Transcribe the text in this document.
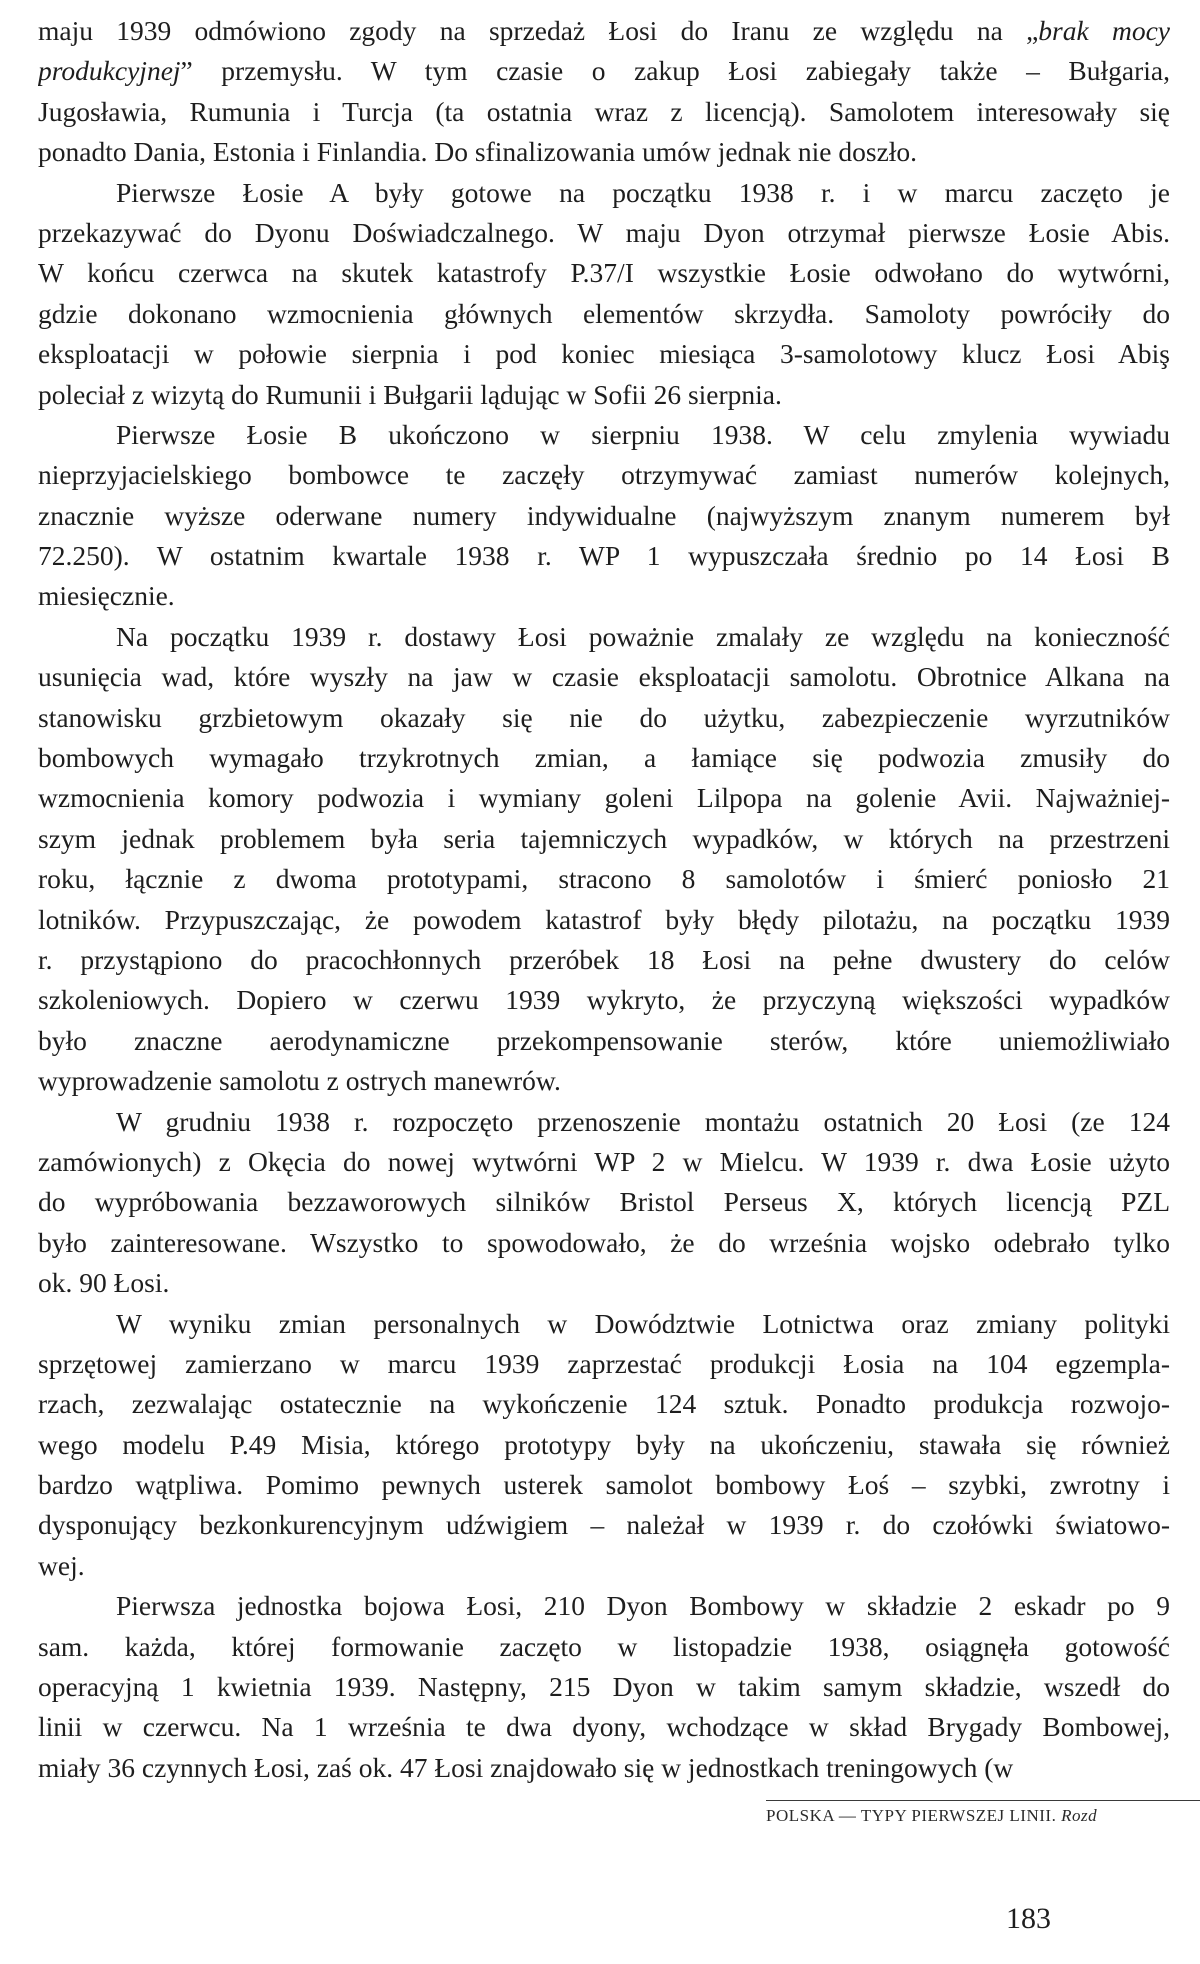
maju 1939 odmówiono zgody na sprzedaż Łosi do Iranu ze względu na „brak mocy
produkcyjnej” przemysłu. W tym czasie o zakup Łosi zabiegały także – Bułgaria,
Jugosławia, Rumunia i Turcja (ta ostatnia wraz z licencją). Samolotem interesowały się
ponadto Dania, Estonia i Finlandia. Do sfinalizowania umów jednak nie doszło.
Pierwsze Łosie A były gotowe na początku 1938 r. i w marcu zaczęto je
przekazywać do Dyonu Doświadczalnego. W maju Dyon otrzymał pierwsze Łosie Abis.
W końcu czerwca na skutek katastrofy P.37/I wszystkie Łosie odwołano do wytwórni,
gdzie dokonano wzmocnienia głównych elementów skrzydła. Samoloty powróciły do
eksploatacji w połowie sierpnia i pod koniec miesiąca 3-samolotowy klucz Łosi Abiş
poleciał z wizytą do Rumunii i Bułgarii lądując w Sofii 26 sierpnia.
Pierwsze Łosie B ukończono w sierpniu 1938. W celu zmylenia wywiadu
nieprzyjacielskiego bombowce te zaczęły otrzymywać zamiast numerów kolejnych,
znacznie wyższe oderwane numery indywidualne (najwyższym znanym numerem był
72.250). W ostatnim kwartale 1938 r. WP 1 wypuszczała średnio po 14 Łosi B
miesięcznie.
Na początku 1939 r. dostawy Łosi poważnie zmalały ze względu na konieczność
usunięcia wad, które wyszły na jaw w czasie eksploatacji samolotu. Obrotnice Alkana na
stanowisku grzbietowym okazały się nie do użytku, zabezpieczenie wyrzutników
bombowych wymagało trzykrotnych zmian, a łamiące się podwozia zmusiły do
wzmocnienia komory podwozia i wymiany goleni Lilpopa na golenie Avii. Najważniej-
szym jednak problemem była seria tajemniczych wypadków, w których na przestrzeni
roku, łącznie z dwoma prototypami, stracono 8 samolotów i śmierć poniosło 21
lotników. Przypuszczając, że powodem katastrof były błędy pilotażu, na początku 1939
r. przystąpiono do pracochłonnych przeróbek 18 Łosi na pełne dwustery do celów
szkoleniowych. Dopiero w czerwu 1939 wykryto, że przyczyną większości wypadków
było znaczne aerodynamiczne przekompensowanie sterów, które uniemożliwiało
wyprowadzenie samolotu z ostrych manewrów.
W grudniu 1938 r. rozpoczęto przenoszenie montażu ostatnich 20 Łosi (ze 124
zamówionych) z Okęcia do nowej wytwórni WP 2 w Mielcu. W 1939 r. dwa Łosie użyto
do wypróbowania bezzaworowych silników Bristol Perseus X, których licencją PZL
było zainteresowane. Wszystko to spowodowało, że do września wojsko odebrało tylko
ok. 90 Łosi.
W wyniku zmian personalnych w Dowództwie Lotnictwa oraz zmiany polityki
sprzętowej zamierzano w marcu 1939 zaprzestać produkcji Łosia na 104 egzempla-
rzach, zezwalając ostatecznie na wykończenie 124 sztuk. Ponadto produkcja rozwojo-
wego modelu P.49 Misia, którego prototypy były na ukończeniu, stawała się również
bardzo wątpliwa. Pomimo pewnych usterek samolot bombowy Łoś – szybki, zwrotny i
dysponujący bezkonkurencyjnym udźwigiem – należał w 1939 r. do czołówki światowo-
wej.
Pierwsza jednostka bojowa Łosi, 210 Dyon Bombowy w składzie 2 eskadr po 9
sam. każda, której formowanie zaczęto w listopadzie 1938, osiągnęła gotowość
operacyjną 1 kwietnia 1939. Następny, 215 Dyon w takim samym składzie, wszedł do
linii w czerwcu. Na 1 września te dwa dyony, wchodzące w skład Brygady Bombowej,
miały 36 czynnych Łosi, zaś ok. 47 Łosi znajdowało się w jednostkach treningowych (w
POLSKA — TYPY PIERWSZEJ LINII. Rozd
183
